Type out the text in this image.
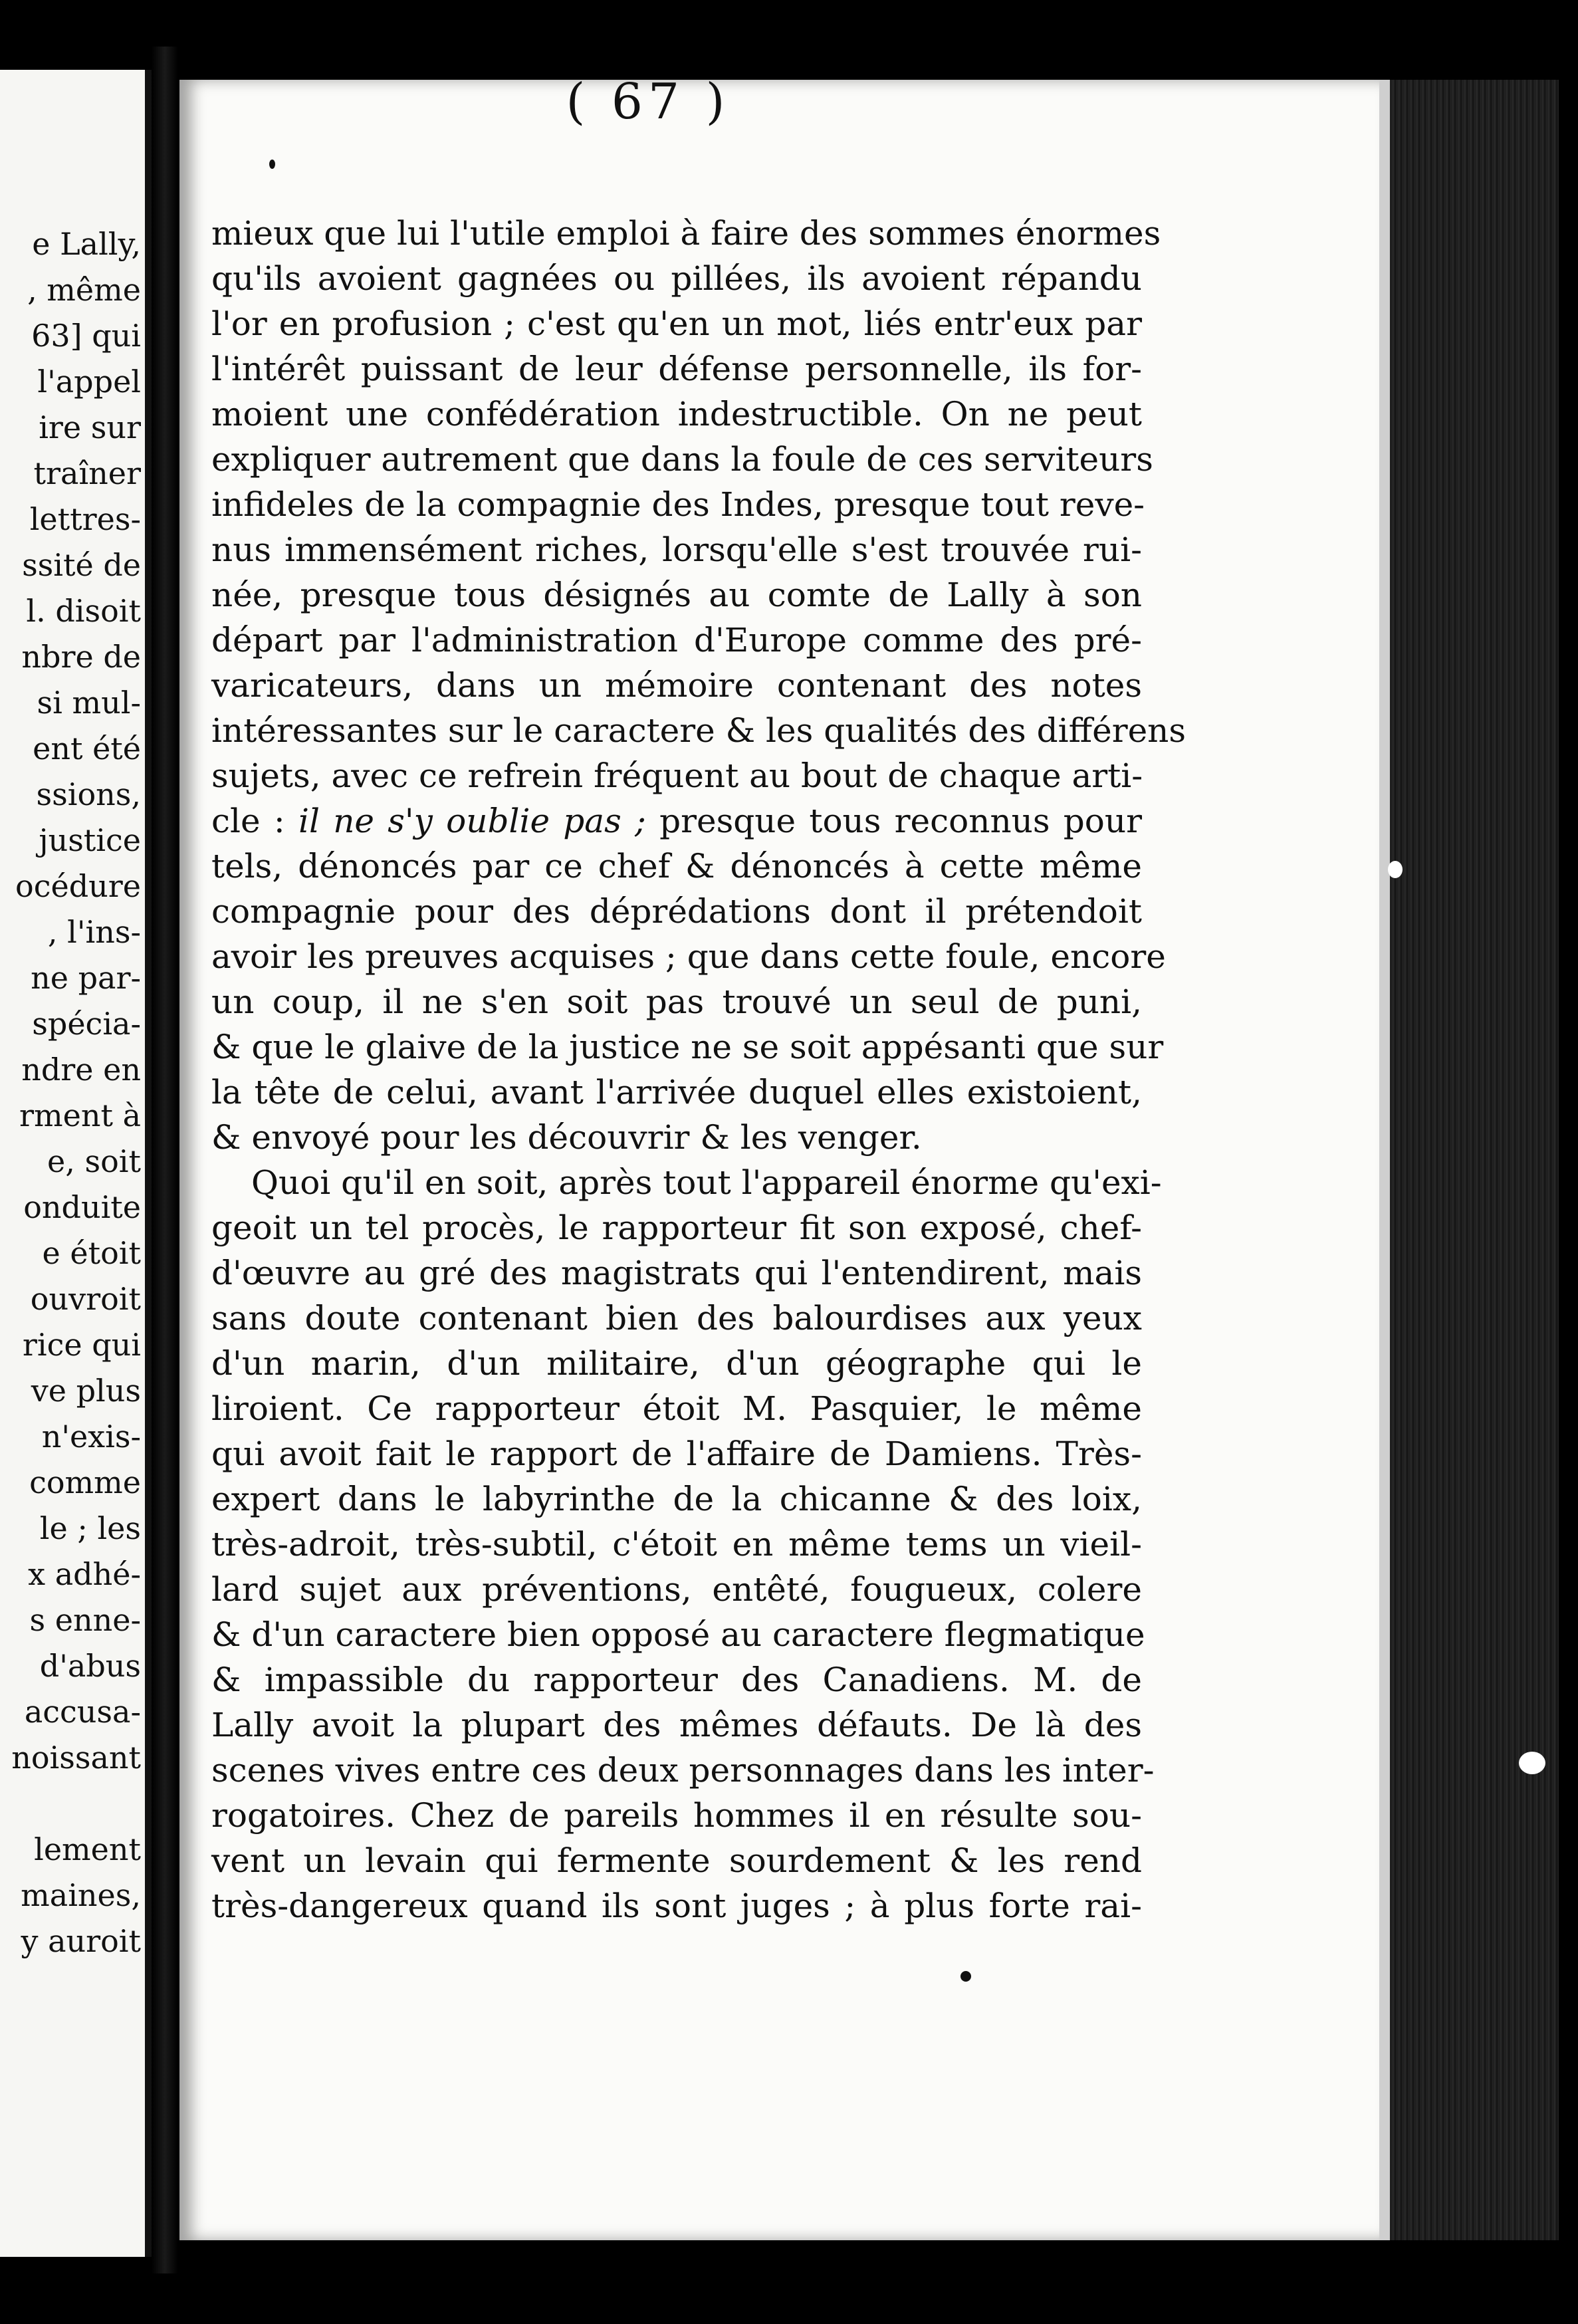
e Lally,
, même
63] qui
l'appel
ire sur
traîner
lettres-
ssité de
l. disoit
nbre de
si mul-
ent été
ssions,
justice
océdure
, l'ins-
ne par-
spécia-
ndre en
rment à
e, soit
onduite
e étoit
ouvroit
rice qui
ve plus
n'exis-
comme
le ; les
x adhé-
s enne-
d'abus
accusa-
noissant
lement
maines,
y auroit
( 67 )
mieux que lui l'utile emploi à faire des sommes énormes
qu'ils avoient gagnées ou pillées, ils avoient répandu
l'or en profusion ; c'est qu'en un mot, liés entr'eux par
l'intérêt puissant de leur défense personnelle, ils for-
moient une confédération indestructible. On ne peut
expliquer autrement que dans la foule de ces serviteurs
infideles de la compagnie des Indes, presque tout reve-
nus immensément riches, lorsqu'elle s'est trouvée rui-
née, presque tous désignés au comte de Lally à son
départ par l'administration d'Europe comme des pré-
varicateurs, dans un mémoire contenant des notes
intéressantes sur le caractere & les qualités des différens
sujets, avec ce refrein fréquent au bout de chaque arti-
cle : il ne s'y oublie pas ; presque tous reconnus pour
tels, dénoncés par ce chef & dénoncés à cette même
compagnie pour des déprédations dont il prétendoit
avoir les preuves acquises ; que dans cette foule, encore
un coup, il ne s'en soit pas trouvé un seul de puni,
& que le glaive de la justice ne se soit appésanti que sur
la tête de celui, avant l'arrivée duquel elles existoient,
& envoyé pour les découvrir & les venger.
Quoi qu'il en soit, après tout l'appareil énorme qu'exi-
geoit un tel procès, le rapporteur fit son exposé, chef-
d'œuvre au gré des magistrats qui l'entendirent, mais
sans doute contenant bien des balourdises aux yeux
d'un marin, d'un militaire, d'un géographe qui le
liroient. Ce rapporteur étoit M. Pasquier, le même
qui avoit fait le rapport de l'affaire de Damiens. Très-
expert dans le labyrinthe de la chicanne & des loix,
très-adroit, très-subtil, c'étoit en même tems un vieil-
lard sujet aux préventions, entêté, fougueux, colere
& d'un caractere bien opposé au caractere flegmatique
& impassible du rapporteur des Canadiens. M. de
Lally avoit la plupart des mêmes défauts. De là des
scenes vives entre ces deux personnages dans les inter-
rogatoires. Chez de pareils hommes il en résulte sou-
vent un levain qui fermente sourdement & les rend
très-dangereux quand ils sont juges ; à plus forte rai-
